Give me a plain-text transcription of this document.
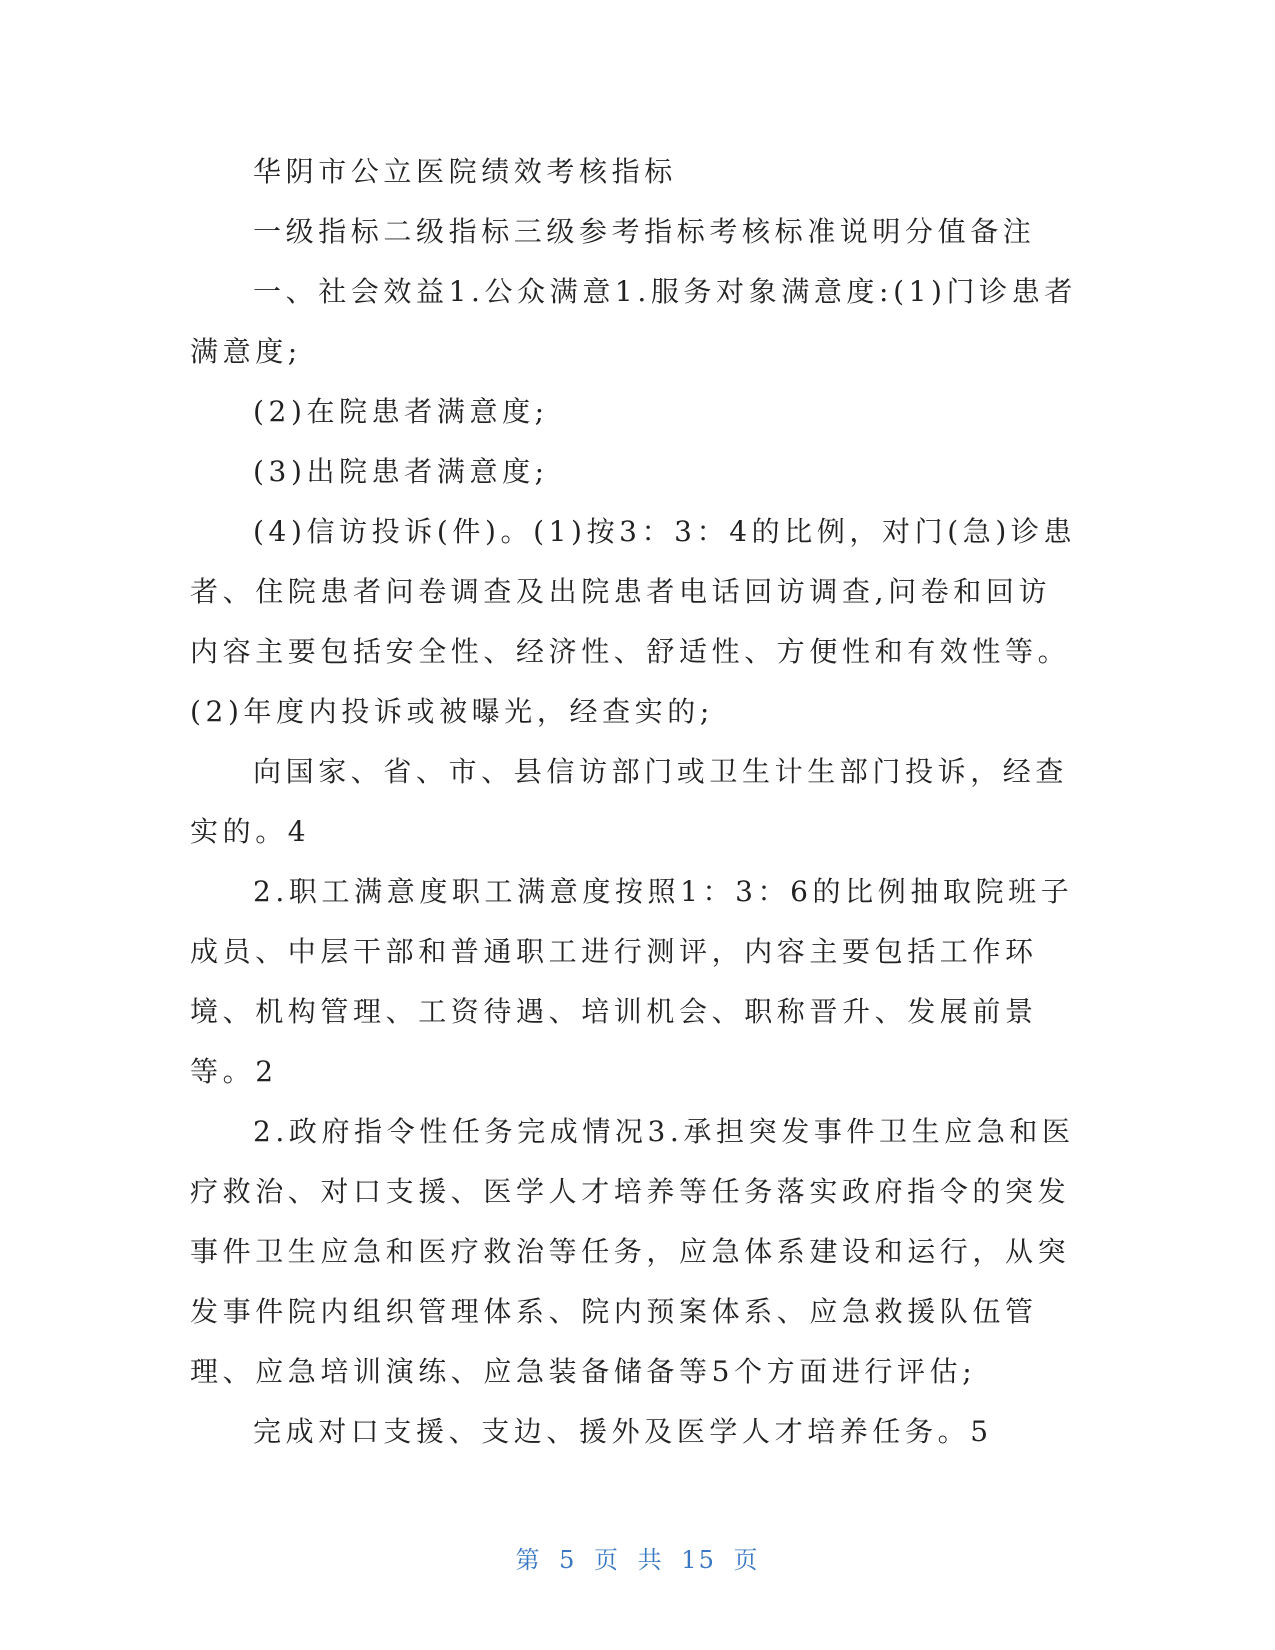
华阴市公立医院绩效考核指标

一级指标二级指标三级参考指标考核标准说明分值备注

一、社会效益1.公众满意1.服务对象满意度:(1)门诊患者满意度;

(2)在院患者满意度;

(3)出院患者满意度;

(4)信访投诉(件)。(1)按3：3：4的比例，对门(急)诊患者、住院患者问卷调查及出院患者电话回访调查,问卷和回访内容主要包括安全性、经济性、舒适性、方便性和有效性等。(2)年度内投诉或被曝光，经查实的;

向国家、省、市、县信访部门或卫生计生部门投诉，经查实的。4

2.职工满意度职工满意度按照1：3：6的比例抽取院班子成员、中层干部和普通职工进行测评，内容主要包括工作环境、机构管理、工资待遇、培训机会、职称晋升、发展前景等。2

2.政府指令性任务完成情况3.承担突发事件卫生应急和医疗救治、对口支援、医学人才培养等任务落实政府指令的突发事件卫生应急和医疗救治等任务，应急体系建设和运行，从突发事件院内组织管理体系、院内预案体系、应急救援队伍管理、应急培训演练、应急装备储备等5个方面进行评估;

完成对口支援、支边、援外及医学人才培养任务。5

第 5 页 共 15 页
